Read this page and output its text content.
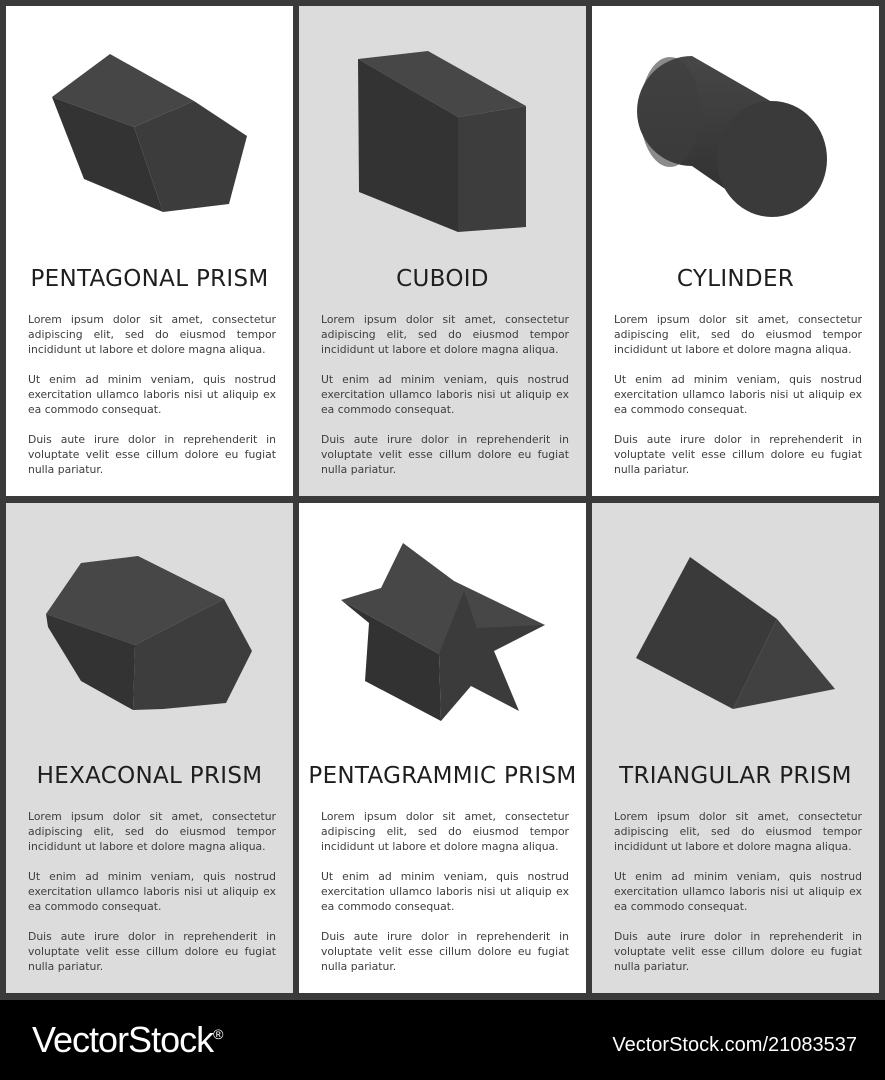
PENTAGONAL PRISM
Lorem ipsum dolor sit amet, consectetur adipiscing elit, sed do eiusmod tempor incididunt ut labore et dolore magna aliqua.
Ut enim ad minim veniam, quis nostrud exercitation ullamco laboris nisi ut aliquip ex ea commodo consequat.
Duis aute irure dolor in reprehenderit in voluptate velit esse cillum dolore eu fugiat nulla pariatur.
CUBOID
Lorem ipsum dolor sit amet, consectetur adipiscing elit, sed do eiusmod tempor incididunt ut labore et dolore magna aliqua.
Ut enim ad minim veniam, quis nostrud exercitation ullamco laboris nisi ut aliquip ex ea commodo consequat.
Duis aute irure dolor in reprehenderit in voluptate velit esse cillum dolore eu fugiat nulla pariatur.
CYLINDER
Lorem ipsum dolor sit amet, consectetur adipiscing elit, sed do eiusmod tempor incididunt ut labore et dolore magna aliqua.
Ut enim ad minim veniam, quis nostrud exercitation ullamco laboris nisi ut aliquip ex ea commodo consequat.
Duis aute irure dolor in reprehenderit in voluptate velit esse cillum dolore eu fugiat nulla pariatur.
HEXACONAL PRISM
Lorem ipsum dolor sit amet, consectetur adipiscing elit, sed do eiusmod tempor incididunt ut labore et dolore magna aliqua.
Ut enim ad minim veniam, quis nostrud exercitation ullamco laboris nisi ut aliquip ex ea commodo consequat.
Duis aute irure dolor in reprehenderit in voluptate velit esse cillum dolore eu fugiat nulla pariatur.
PENTAGRAMMIC PRISM
Lorem ipsum dolor sit amet, consectetur adipiscing elit, sed do eiusmod tempor incididunt ut labore et dolore magna aliqua.
Ut enim ad minim veniam, quis nostrud exercitation ullamco laboris nisi ut aliquip ex ea commodo consequat.
Duis aute irure dolor in reprehenderit in voluptate velit esse cillum dolore eu fugiat nulla pariatur.
TRIANGULAR PRISM
Lorem ipsum dolor sit amet, consectetur adipiscing elit, sed do eiusmod tempor incididunt ut labore et dolore magna aliqua.
Ut enim ad minim veniam, quis nostrud exercitation ullamco laboris nisi ut aliquip ex ea commodo consequat.
Duis aute irure dolor in reprehenderit in voluptate velit esse cillum dolore eu fugiat nulla pariatur.
VectorStock®	VectorStock.com/21083537
